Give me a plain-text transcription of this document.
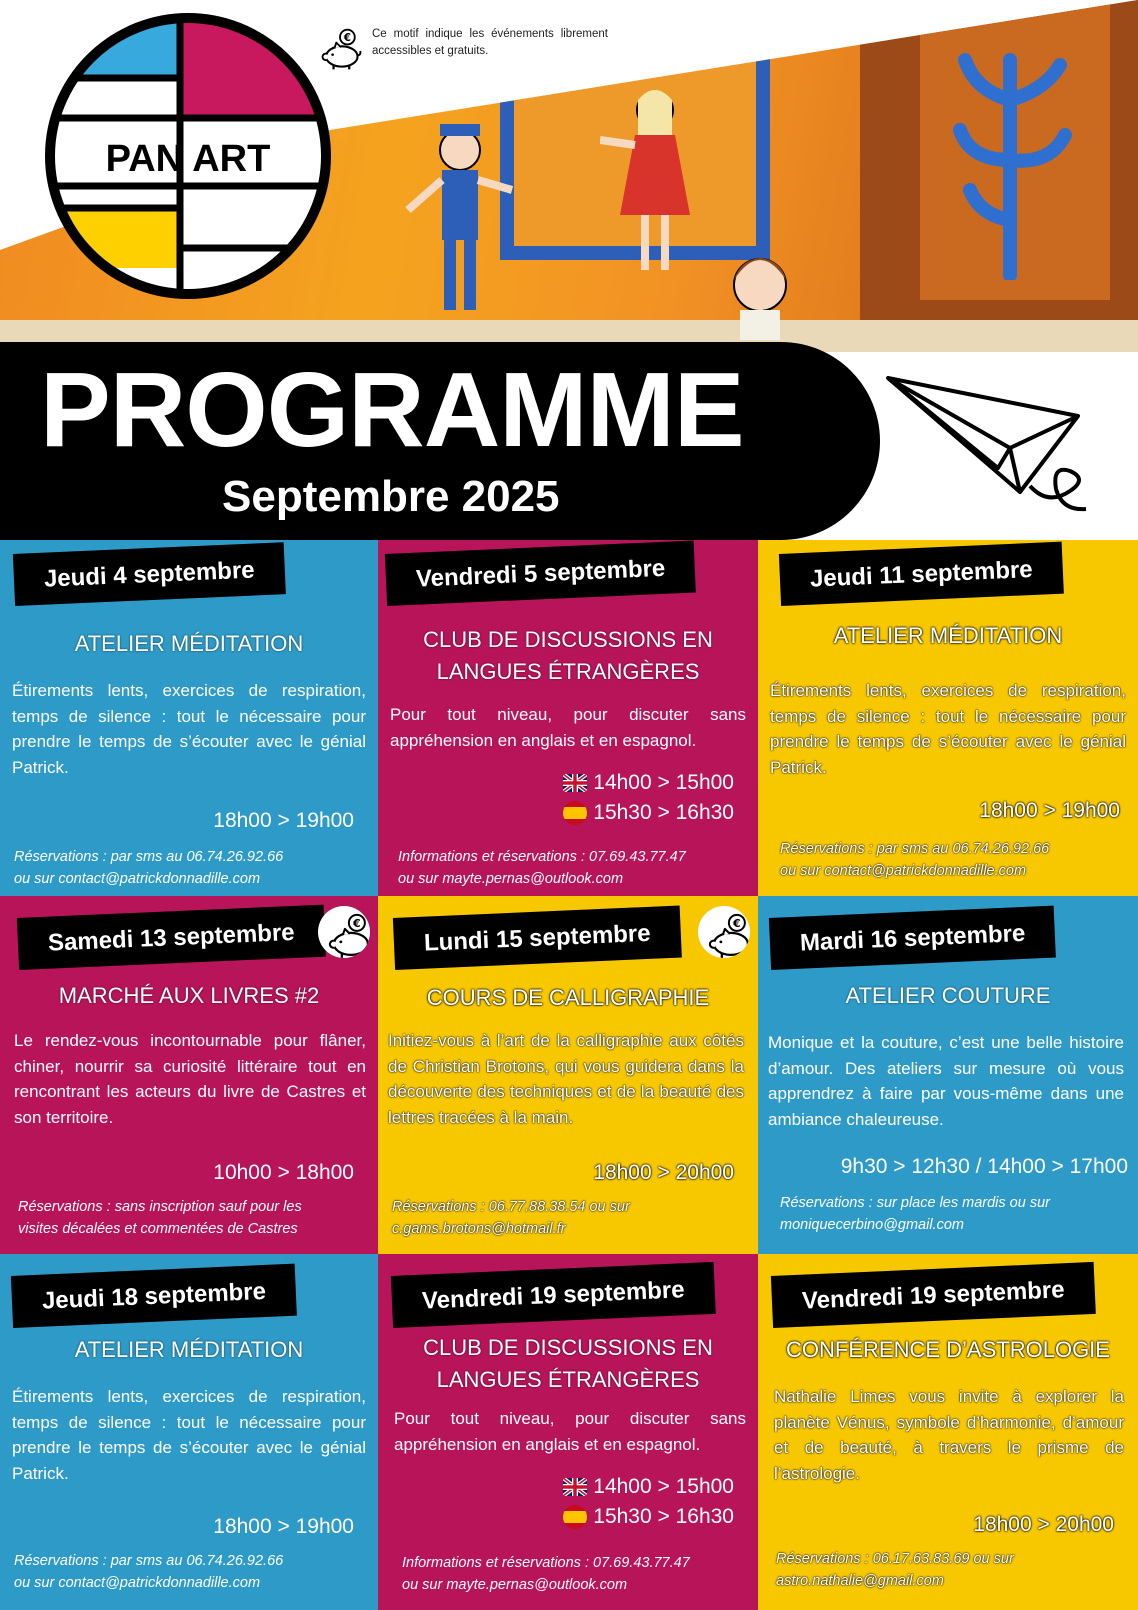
Ce motif indique les événements librement accessibles et gratuits.

PAN ART
PROGRAMME
Septembre 2025
Jeudi 4 septembre
ATELIER MÉDITATION
Étirements lents, exercices de respiration, temps de silence : tout le nécessaire pour prendre le temps de s’écouter avec le génial Patrick.
18h00 > 19h00
Réservations : par sms au 06.74.26.92.66
ou sur contact@patrickdonnadille.com
Vendredi 5 septembre
CLUB DE DISCUSSIONS EN
LANGUES ÉTRANGÈRES
Pour tout niveau, pour discuter sans appréhension en anglais et en espagnol.
14h00 > 15h00
15h30 > 16h30
Informations et réservations : 07.69.43.77.47
ou sur mayte.pernas@outlook.com
Jeudi 11 septembre
ATELIER MÉDITATION
Étirements lents, exercices de respiration, temps de silence : tout le nécessaire pour prendre le temps de s’écouter avec le génial Patrick.
18h00 > 19h00
Réservations : par sms au 06.74.26.92.66
ou sur contact@patrickdonnadille.com
Samedi 13 septembre
MARCHÉ AUX LIVRES #2
Le rendez-vous incontournable pour flâner, chiner, nourrir sa curiosité littéraire tout en rencontrant les acteurs du livre de Castres et son territoire.
10h00 > 18h00
Réservations : sans inscription sauf pour les
visites décalées et commentées de Castres
Lundi 15 septembre
COURS DE CALLIGRAPHIE
Initiez-vous à l’art de la calligraphie aux côtés de Christian Brotons, qui vous guidera dans la découverte des techniques et de la beauté des lettres tracées à la main.
18h00 > 20h00
Réservations : 06.77.88.38.54 ou sur
c.gams.brotons@hotmail.fr
Mardi 16 septembre
ATELIER COUTURE
Monique et la couture, c’est une belle histoire d’amour. Des ateliers sur mesure où vous apprendrez à faire par vous-même dans une ambiance chaleureuse.
9h30 > 12h30 / 14h00 > 17h00
Réservations : sur place les mardis ou sur
moniquecerbino@gmail.com
Jeudi 18 septembre
ATELIER MÉDITATION
Étirements lents, exercices de respiration, temps de silence : tout le nécessaire pour prendre le temps de s’écouter avec le génial Patrick.
18h00 > 19h00
Réservations : par sms au 06.74.26.92.66
ou sur contact@patrickdonnadille.com
Vendredi 19 septembre
CLUB DE DISCUSSIONS EN
LANGUES ÉTRANGÈRES
Pour tout niveau, pour discuter sans appréhension en anglais et en espagnol.
14h00 > 15h00
15h30 > 16h30
Informations et réservations : 07.69.43.77.47
ou sur mayte.pernas@outlook.com
Vendredi 19 septembre
CONFÉRENCE D’ASTROLOGIE
Nathalie Limes vous invite à explorer la planète Vénus, symbole d’harmonie, d’amour et de beauté, à travers le prisme de l’astrologie.
18h00 > 20h00
Réservations : 06.17.63.83.69 ou sur
astro.nathalie@gmail.com
